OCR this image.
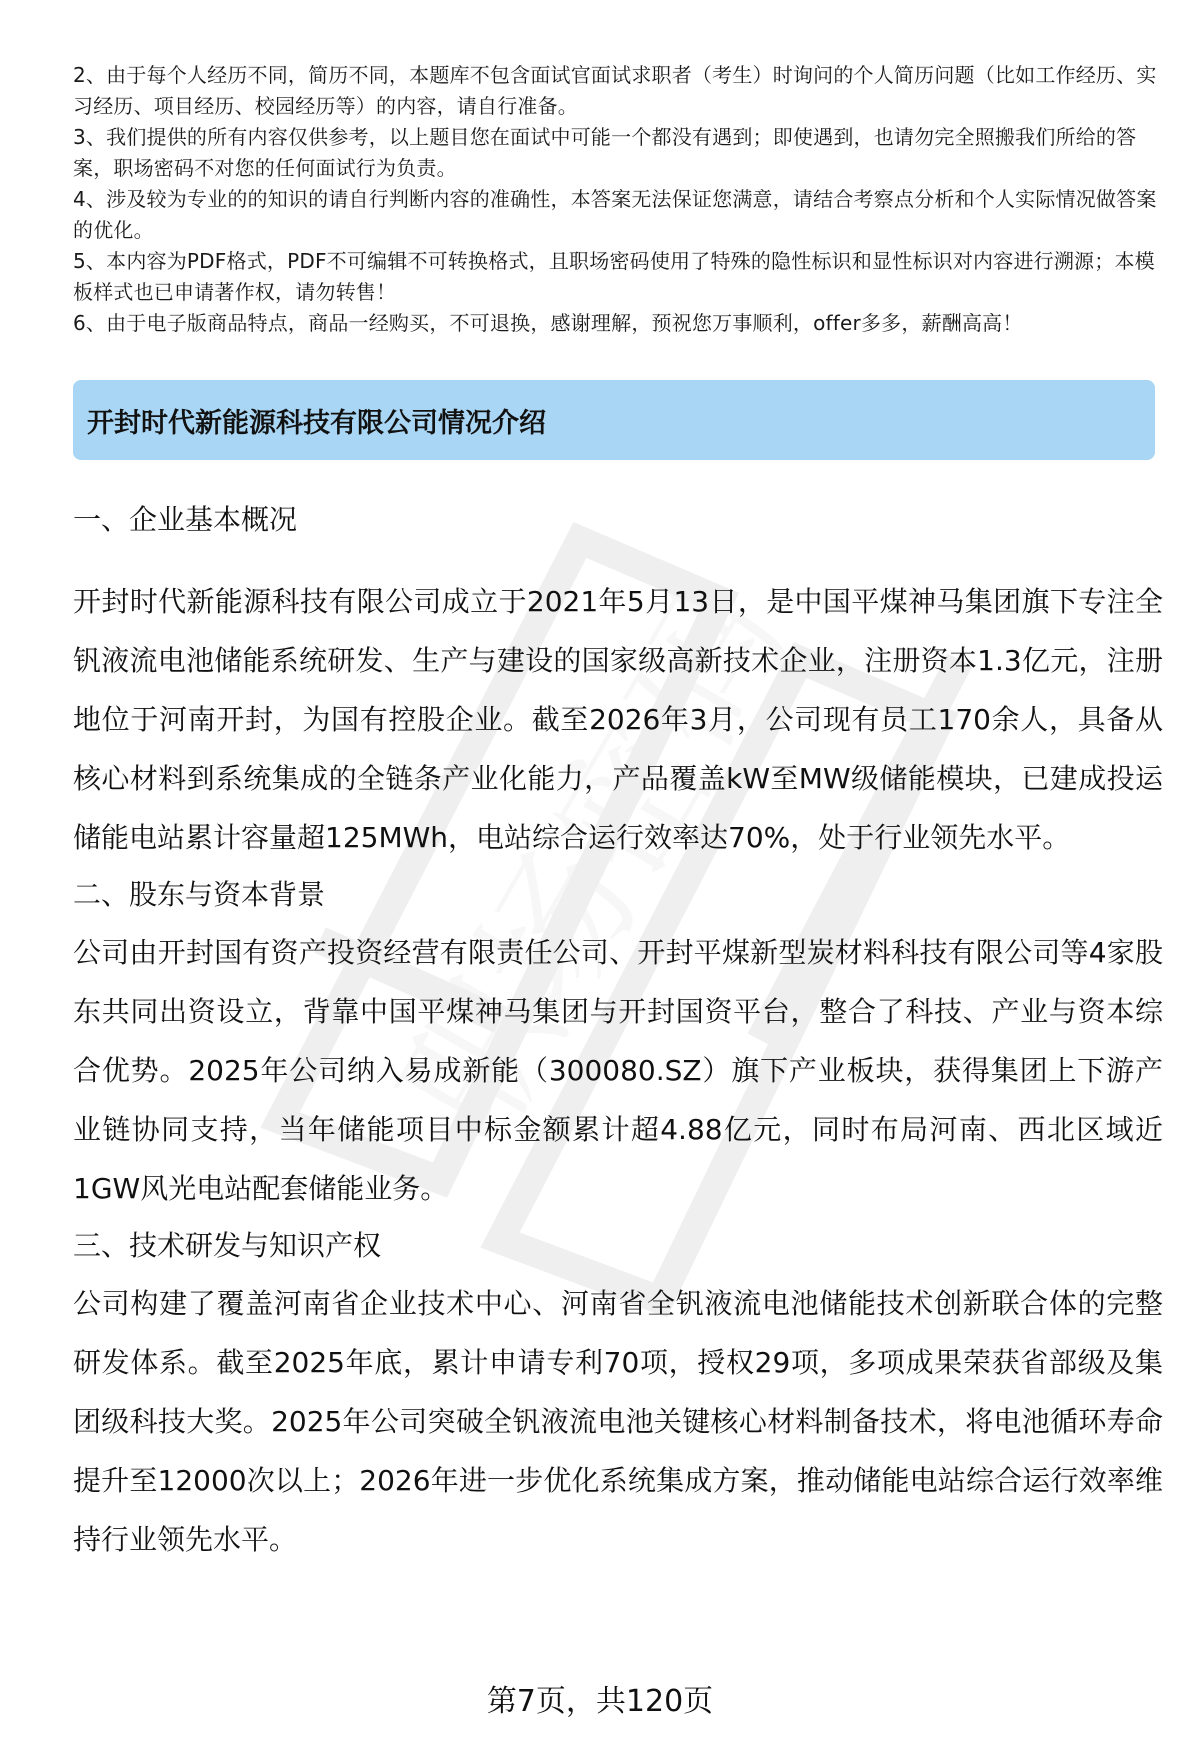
2、由于每个人经历不同，简历不同，本题库不包含面试官面试求职者（考生）时询问的个人简历问题（比如工作经历、实习经历、项目经历、校园经历等）的内容，请自行准备。

3、我们提供的所有内容仅供参考，以上题目您在面试中可能一个都没有遇到；即使遇到，也请勿完全照搬我们所给的答案，职场密码不对您的任何面试行为负责。

4、涉及较为专业的的知识的请自行判断内容的准确性，本答案无法保证您满意，请结合考察点分析和个人实际情况做答案的优化。

5、本内容为PDF格式，PDF不可编辑不可转换格式，且职场密码使用了特殊的隐性标识和显性标识对内容进行溯源；本模板样式也已申请著作权，请勿转售！

6、由于电子版商品特点，商品一经购买，不可退换，感谢理解，预祝您万事顺利，offer多多，薪酬高高！

开封时代新能源科技有限公司情况介绍

一、企业基本概况

开封时代新能源科技有限公司成立于2021年5月13日，是中国平煤神马集团旗下专注全钒液流电池储能系统研发、生产与建设的国家级高新技术企业，注册资本1.3亿元，注册地位于河南开封，为国有控股企业。截至2026年3月，公司现有员工170余人，具备从核心材料到系统集成的全链条产业化能力，产品覆盖kW至MW级储能模块，已建成投运储能电站累计容量超125MWh，电站综合运行效率达70%，处于行业领先水平。

二、股东与资本背景

公司由开封国有资产投资经营有限责任公司、开封平煤新型炭材料科技有限公司等4家股东共同出资设立，背靠中国平煤神马集团与开封国资平台，整合了科技、产业与资本综合优势。2025年公司纳入易成新能（300080.SZ）旗下产业板块，获得集团上下游产业链协同支持，当年储能项目中标金额累计超4.88亿元，同时布局河南、西北区域近1GW风光电站配套储能业务。

三、技术研发与知识产权

公司构建了覆盖河南省企业技术中心、河南省全钒液流电池储能技术创新联合体的完整研发体系。截至2025年底，累计申请专利70项，授权29项，多项成果荣获省部级及集团级科技大奖。2025年公司突破全钒液流电池关键核心材料制备技术，将电池循环寿命提升至12000次以上；2026年进一步优化系统集成方案，推动储能电站综合运行效率维持行业领先水平。

第7页，共120页
